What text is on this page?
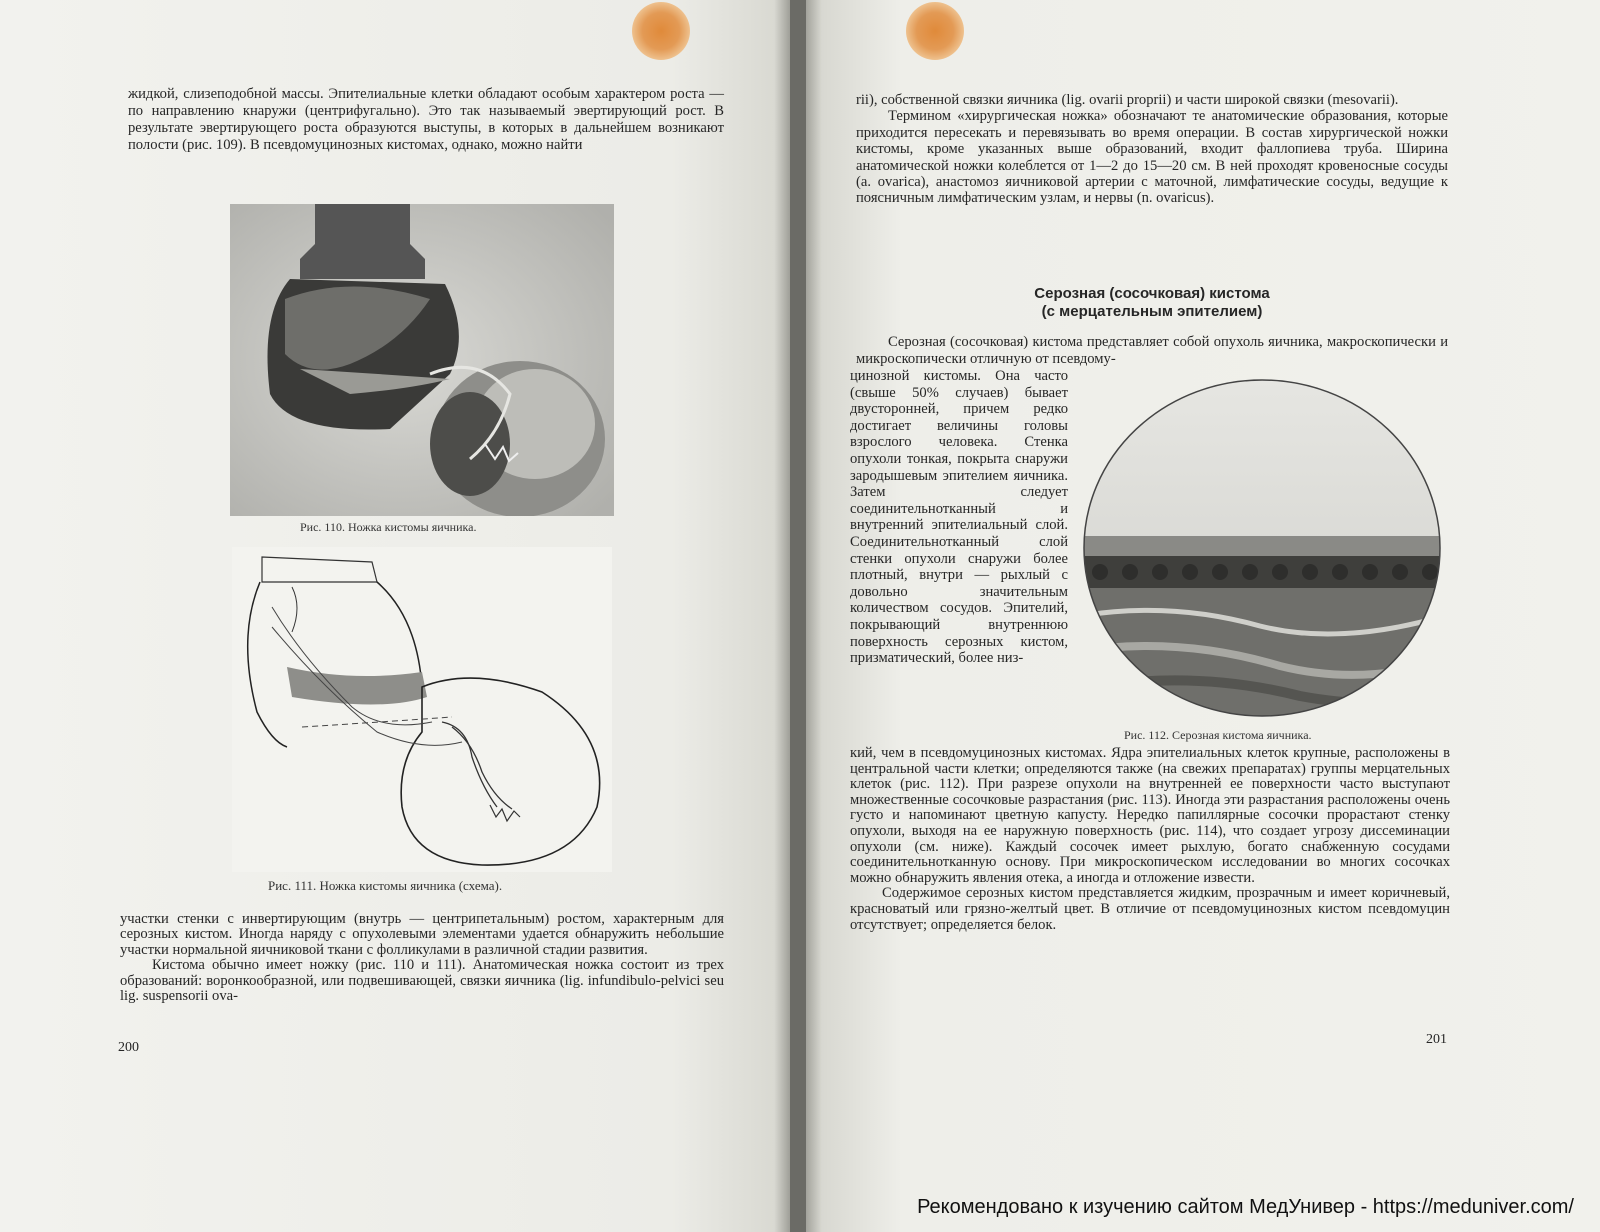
жидкой, слизеподобной массы. Эпителиальные клетки обладают особым характером роста — по направлению кнаружи (центрифугально). Это так называемый эвертирующий рост. В результате эвертирующего роста образуются выступы, в которых в дальнейшем возникают полости (рис. 109). В псевдомуцинозных кистомах, однако, можно найти

Рис. 110. Ножка кистомы яичника.
Рис. 111. Ножка кистомы яичника (схема).

участки стенки с инвертирующим (внутрь — центрипетальным) ростом, характерным для серозных кистом. Иногда наряду с опухолевыми элементами удается обнаружить небольшие участки нормальной яичниковой ткани с фолликулами в различной стадии развития.

Кистома обычно имеет ножку (рис. 110 и 111). Анатомическая ножка состоит из трех образований: воронкообразной, или подвешивающей, связки яичника (lig. infundibulo-pelvici seu lig. suspensorii ova-

200

rii), собственной связки яичника (lig. ovarii proprii) и части широкой связки (mesovarii).

Термином «хирургическая ножка» обозначают те анатомические образования, которые приходится пересекать и перевязывать во время операции. В состав хирургической ножки кистомы, кроме указанных выше образований, входит фаллопиева труба. Ширина анатомической ножки колеблется от 1—2 до 15—20 см. В ней проходят кровеносные сосуды (a. ovarica), анастомоз яичниковой артерии с маточной, лимфатические сосуды, ведущие к поясничным лимфатическим узлам, и нервы (n. ovaricus).

Серозная (сосочковая) кистома
(с мерцательным эпителием)

Серозная (сосочковая) кистома представляет собой опухоль яичника, макроскопически и микроскопически отличную от псевдому-

цинозной кистомы. Она часто (свыше 50% случаев) бывает двусторонней, причем редко достигает величины головы взрослого человека. Стенка опухоли тонкая, покрыта снаружи зародышевым эпителием яичника. Затем следует соединительнотканный и внутренний эпителиальный слой. Соединительнотканный слой стенки опухоли снаружи более плотный, внутри — рыхлый с довольно значительным количеством сосудов. Эпителий, покрывающий внутреннюю поверхность серозных кистом, призматический, более низ-

Рис. 112. Серозная кистома яичника.

кий, чем в псевдомуцинозных кистомах. Ядра эпителиальных клеток крупные, расположены в центральной части клетки; определяются также (на свежих препаратах) группы мерцательных клеток (рис. 112). При разрезе опухоли на внутренней ее поверхности часто выступают множественные сосочковые разрастания (рис. 113). Иногда эти разрастания расположены очень густо и напоминают цветную капусту. Нередко папиллярные сосочки прорастают стенку опухоли, выходя на ее наружную поверхность (рис. 114), что создает угрозу диссеминации опухоли (см. ниже). Каждый сосочек имеет рыхлую, богато снабженную сосудами соединительнотканную основу. При микроскопическом исследовании во многих сосочках можно обнаружить явления отека, а иногда и отложение извести.

Содержимое серозных кистом представляется жидким, прозрачным и имеет коричневый, красноватый или грязно-желтый цвет. В отличие от псевдомуцинозных кистом псевдомуцин отсутствует; определяется белок.

201
Рекомендовано к изучению сайтом МедУнивер - https://meduniver.com/
